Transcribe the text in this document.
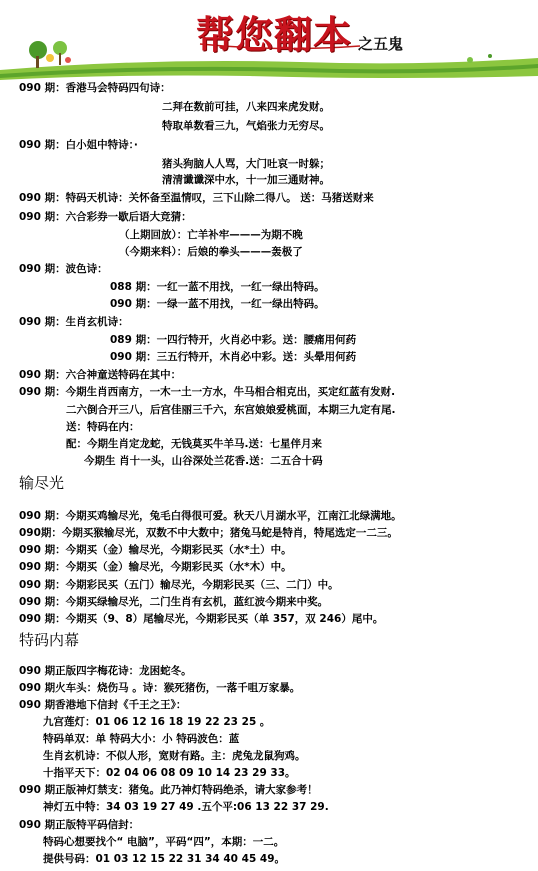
帮您翻本 之五鬼
090 期：香港马会特码四句诗：
二拜在数前可挂，八来四来虎发财。
特取单数看三九，气焰张力无穷尽。
090 期：白小姐中特诗：·
猪头狗脑人人骂，大门吐哀一时躲；
清清谶谶深中水，十一加三通财神。
090 期：特码天机诗：关怀备至温情叹，三下山除二得八。 送：马猪送财来
090 期：六合彩券一歇后语大竞猜：
（上期回放）：亡羊补牢———为期不晚
（今期来料）：后娘的拳头———轰极了
090 期：波色诗：
088 期：一红一蓝不用找，一红一绿出特码。
090 期：一绿一蓝不用找，一红一绿出特码。
090 期：生肖玄机诗：
089 期：一四行特开，火肖必中彩。送：腰痛用何药
090 期：三五行特开，木肖必中彩。送：头晕用何药
090 期：六合神童送特码在其中：
090 期：今期生肖西南方，一木一土一方水，牛马相合相克出，买定红蓝有发财.
二六倒合开三八，后宫佳丽三千六，东宫娘娘爱桃面，本期三九定有尾.
送：特码在内：
配：今期生肖定龙蛇，无钱莫买牛羊马.送：七星伴月来
今期生 肖十一头，山谷深处兰花香.送：二五合十码
090 期：今期买鸡输尽光，兔毛白得很可爱。秋天八月湖水平，江南江北绿满地。
090期：今期买猴输尽光，双数不中大数中；猪兔马蛇是特肖，特尾选定一二三。
090 期：今期买（金）输尽光，今期彩民买（水*土）中。
090 期：今期买（金）输尽光，今期彩民买（水*木）中。
090 期：今期彩民买（五门）输尽光，今期彩民买（三、二门）中。
090 期：今期买绿输尽光，二门生肖有玄机，蓝红波今期来中奖。
090 期：今期买（9、8）尾输尽光，今期彩民买（单 357，双 246）尾中。
090 期正版四字梅花诗：龙困蛇冬。
090 期火车头：烧伤马 。诗：猴死猪伤，一落千咀万家暴。
090 期香港地下信封《千王之王》：
九宫莲灯：01 06 12 16 18 19 22 23 25 。
特码单双：单 特码大小：小 特码波色：蓝
生肖玄机诗：不似人形，宽财有路。主：虎兔龙鼠狗鸡。
十指平天下：02 04 06 08 09 10 14 23 29 33。
090 期正版神灯禁支：猪兔。此乃神灯特码绝杀，请大家参考！
神灯五中特：34 03 19 27 49 .五个平:06 13 22 37 29.
090 期正版特平码信封：
特码心想要找个“ 电脑”，平码“四”，本期：一二。
提供号码：01 03 12 15 22 31 34 40 45 49。
输尽光
特码内幕
